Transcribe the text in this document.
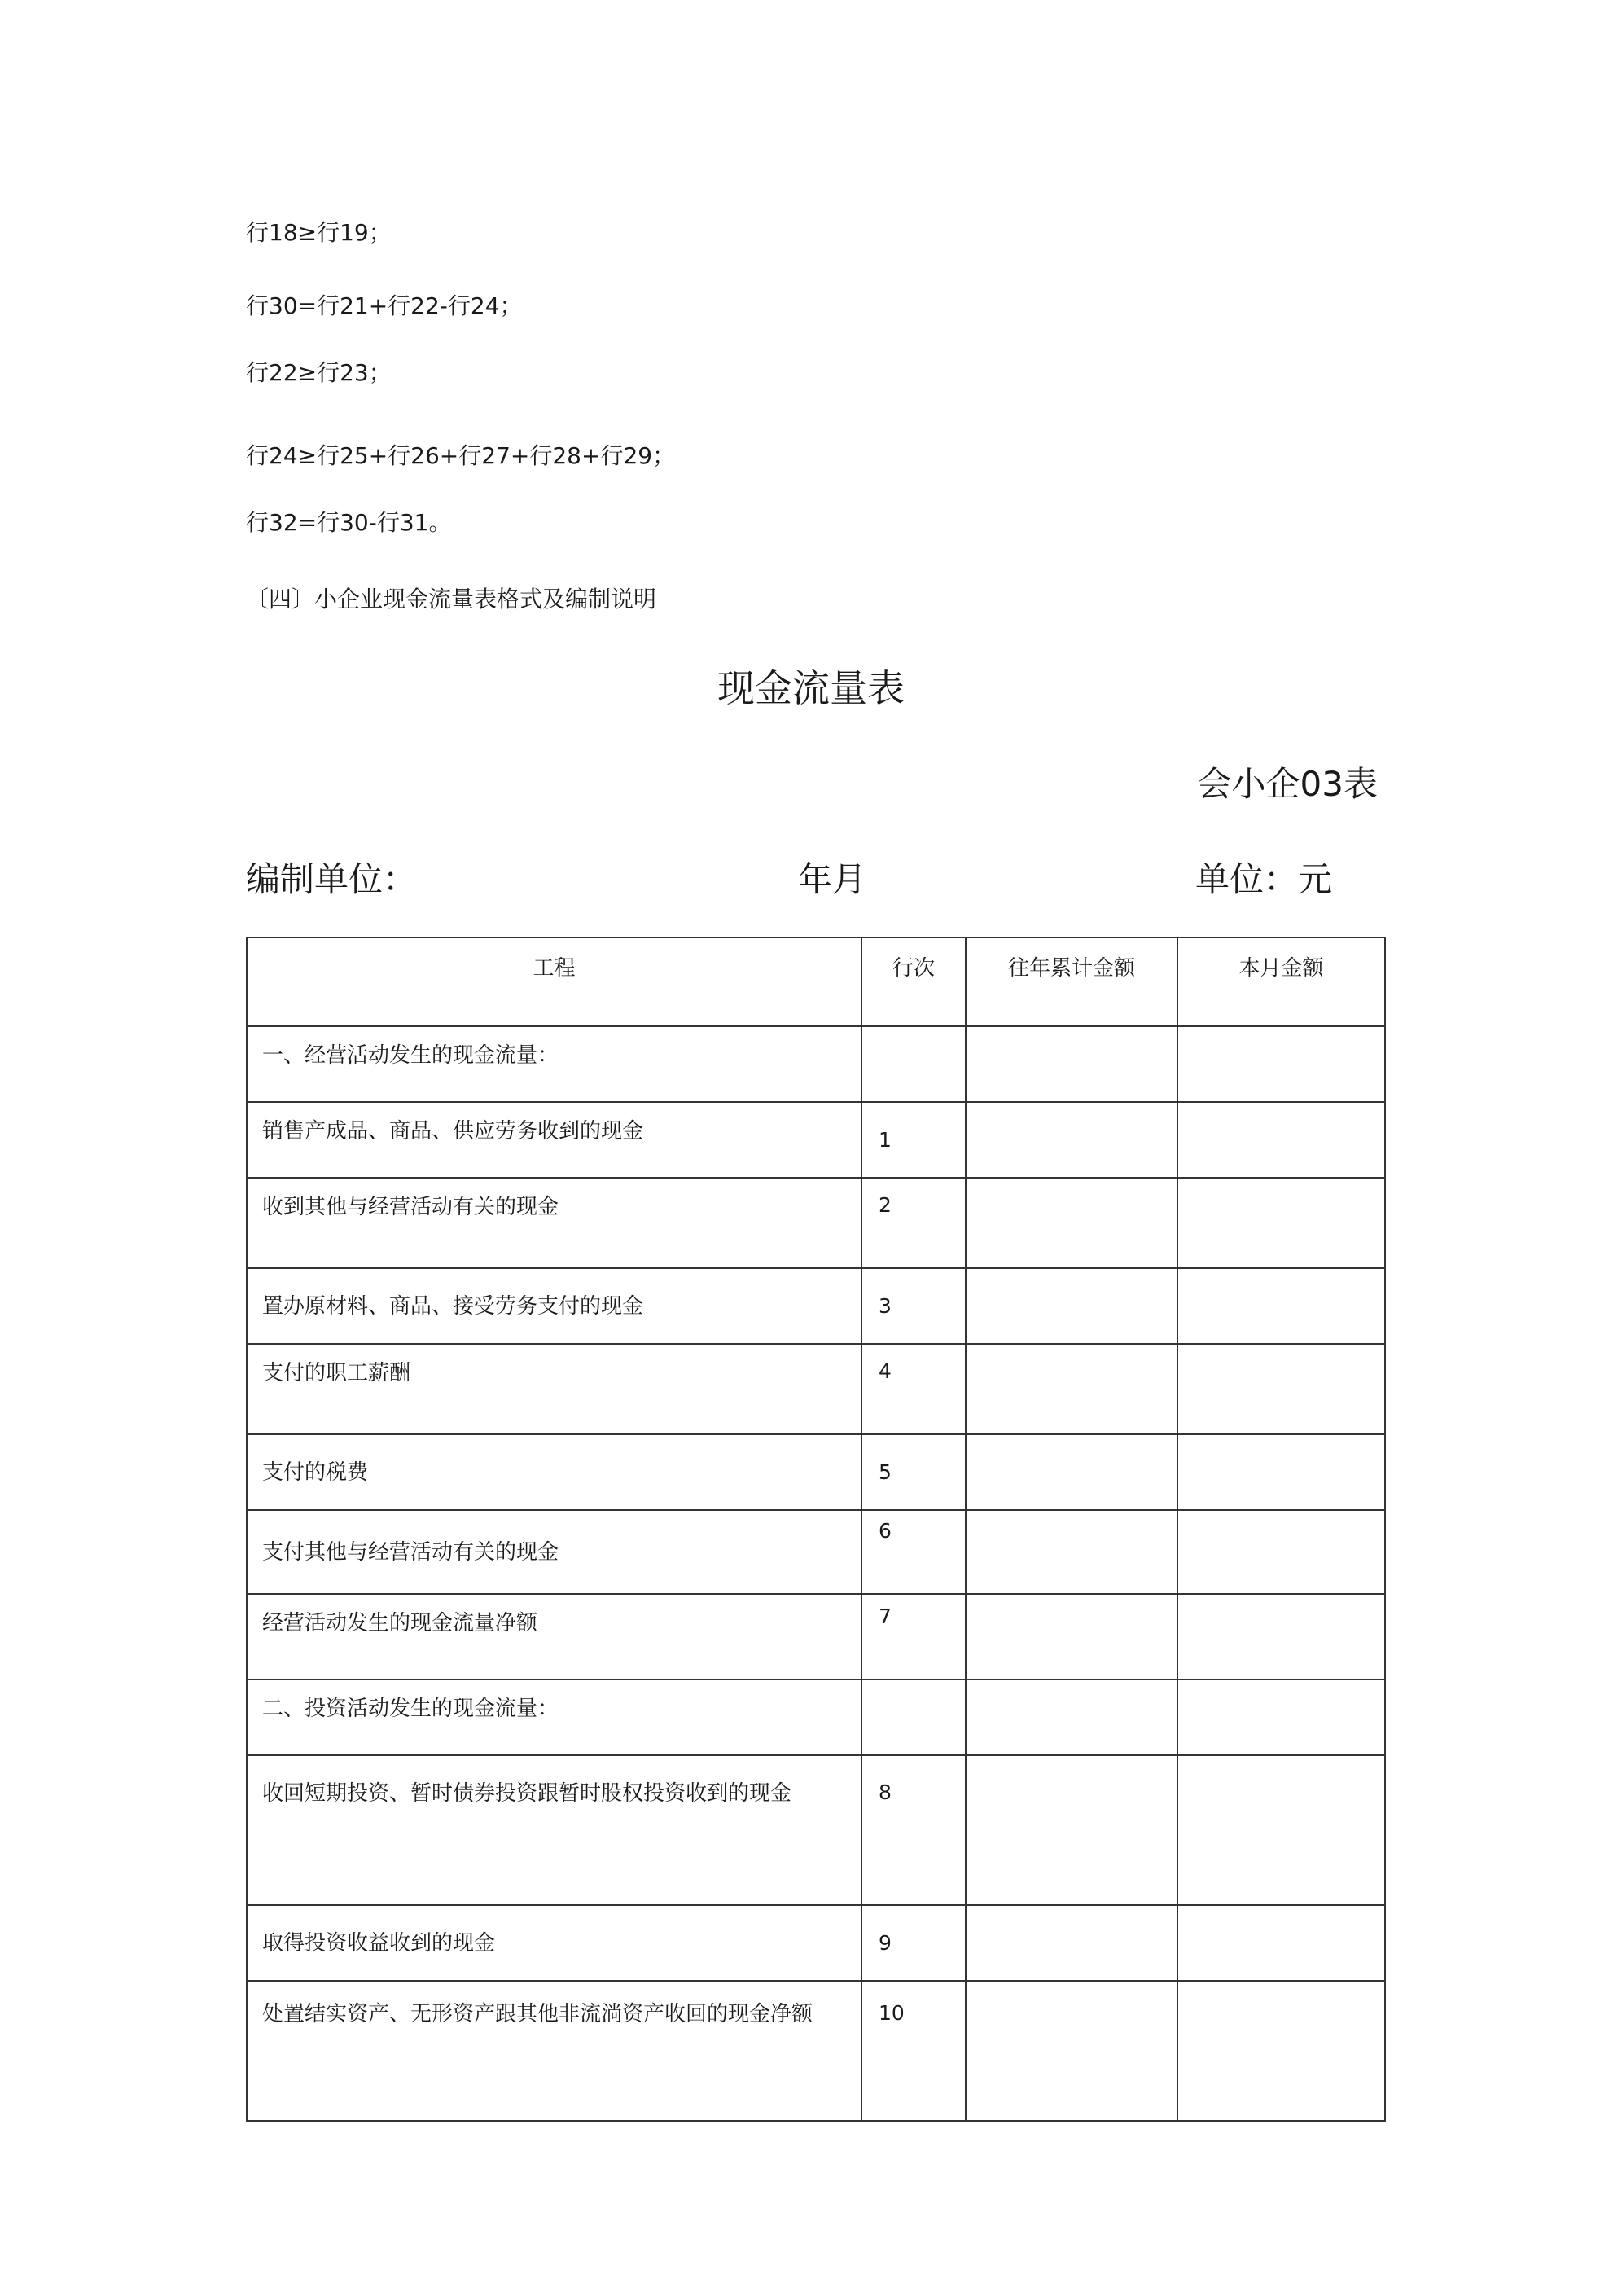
行18≥行19；
行30=行21+行22-行24；
行22≥行23；
行24≥行25+行26+行27+行28+行29；
行32=行30-行31。
〔四〕小企业现金流量表格式及编制说明
现金流量表
会小企03表
编制单位：	年月	单位：元
工程	行次	往年累计金额	本月金额
一、经营活动发生的现金流量：			
销售产成品、商品、供应劳务收到的现金	1		
收到其他与经营活动有关的现金	2		
置办原材料、商品、接受劳务支付的现金	3		
支付的职工薪酬	4		
支付的税费	5		
支付其他与经营活动有关的现金	6		
经营活动发生的现金流量净额	7		
二、投资活动发生的现金流量：			
收回短期投资、暂时债券投资跟暂时股权投资收到的现金	8		
取得投资收益收到的现金	9		
处置结实资产、无形资产跟其他非流淌资产收回的现金净额	10		
